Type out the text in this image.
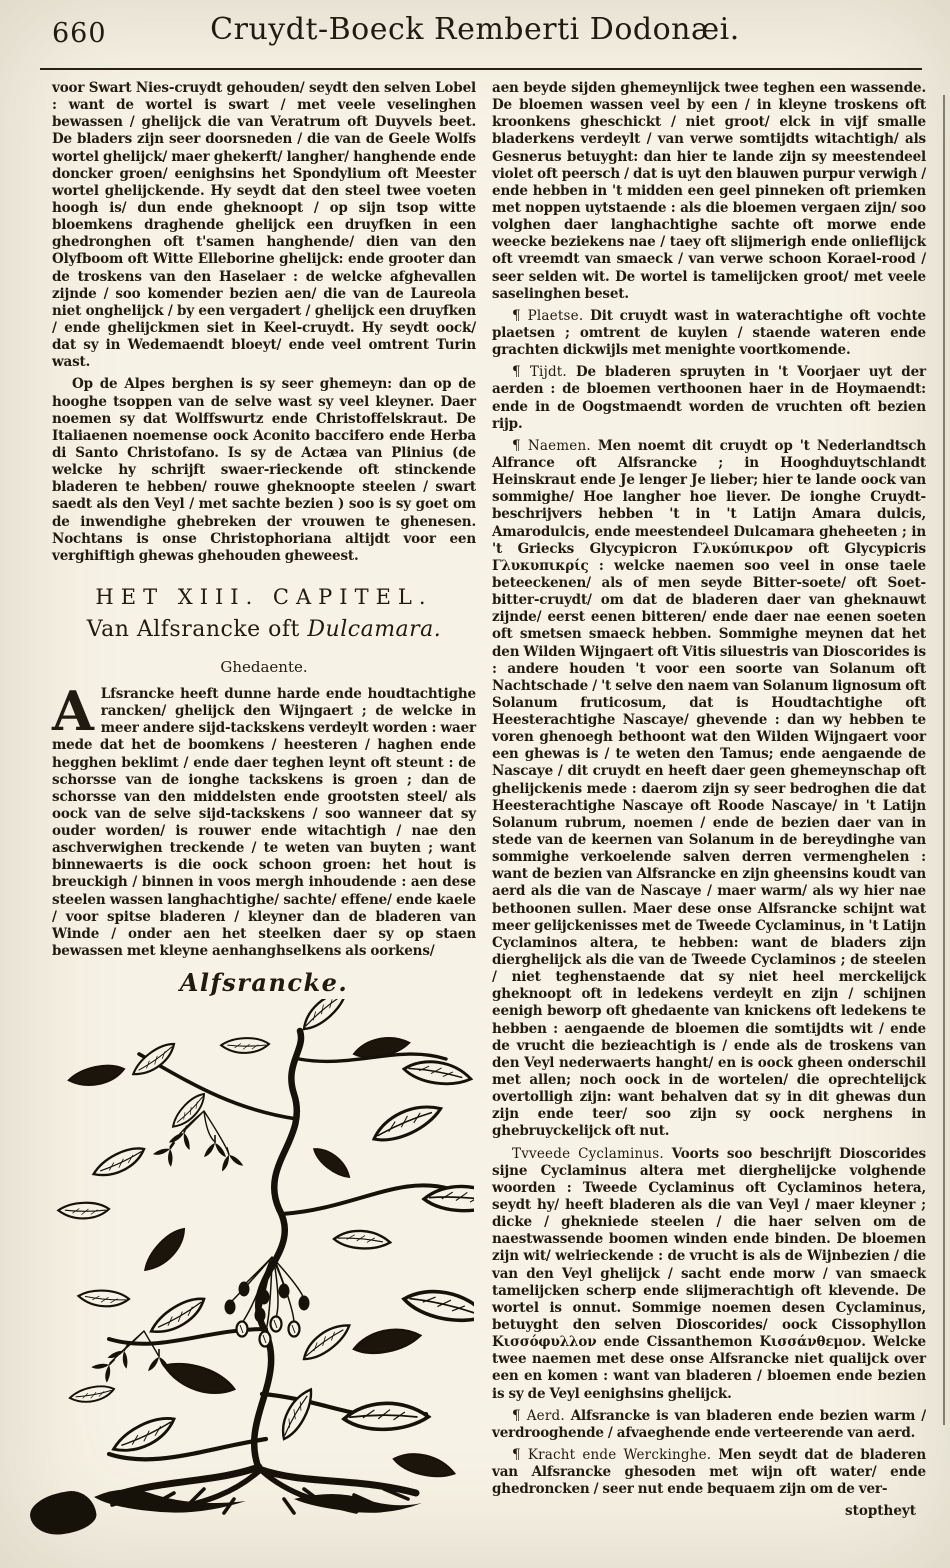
660	Cruydt-Boeck Remberti Dodonæi.

voor Swart Nies-cruydt gehouden/ seydt den selven Lobel : want de wortel is swart / met veele veselinghen bewassen / ghelijck die van Veratrum oft Duyvels beet. De bladers zijn seer doorsneden / die van de Geele Wolfs wortel ghelijck/ maer ghekerft/ langher/ hanghende ende doncker groen/ eenighsins het Spondylium oft Meester wortel ghelijckende. Hy seydt dat den steel twee voeten hoogh is/ dun ende gheknoopt / op sijn tsop witte bloemkens draghende ghelijck een druyfken in een ghedronghen oft t'samen hanghende/ dien van den Olyfboom oft Witte Elleborine ghelijck: ende grooter dan de troskens van den Haselaer : de welcke afghevallen zijnde / soo komender bezien aen/ die van de Laureola niet onghelijck / by een vergadert / ghelijck een druyfken / ende ghelijckmen siet in Keel-cruydt. Hy seydt oock/ dat sy in Wedemaendt bloeyt/ ende veel omtrent Turin wast.

Op de Alpes berghen is sy seer ghemeyn: dan op de hooghe tsoppen van de selve wast sy veel kleyner. Daer noemen sy dat Wolffswurtz ende Christoffelskraut. De Italiaenen noemense oock Aconito baccifero ende Herba di Santo Christofano. Is sy de Actæa van Plinius (de welcke hy schrijft swaer-rieckende oft stinckende bladeren te hebben/ rouwe gheknoopte steelen / swart saedt als den Veyl / met sachte bezien ) soo is sy goet om de inwendighe ghebreken der vrouwen te ghenesen. Nochtans is onse Christophoriana altijdt voor een verghiftigh ghewas ghehouden gheweest.

HET XIII. CAPITEL.
Van Alfsrancke oft Dulcamara.
Ghedaente.

A Lfsrancke heeft dunne harde ende houdtachtighe rancken/ ghelijck den Wijngaert ; de welcke in meer andere sijd-tackskens verdeylt worden : waer mede dat het de boomkens / heesteren / haghen ende hegghen beklimt / ende daer teghen leynt oft steunt : de schorsse van de ionghe tackskens is groen ; dan de schorsse van den middelsten ende grootsten steel/ als oock van de selve sijd-tackskens / soo wanneer dat sy ouder worden/ is rouwer ende witachtigh / nae den aschverwighen treckende / te weten van buyten ; want binnewaerts is die oock schoon groen: het hout is breuckigh / binnen in voos mergh inhoudende : aen dese steelen wassen langhachtighe/ sachte/ effene/ ende kaele / voor spitse bladeren / kleyner dan de bladeren van Winde / onder aen het steelken daer sy op staen bewassen met kleyne aenhanghselkens als oorkens/

Alfsrancke.

aen beyde sijden ghemeynlijck twee teghen een wassende. De bloemen wassen veel by een / in kleyne troskens oft kroonkens gheschickt / niet groot/ elck in vijf smalle bladerkens verdeylt / van verwe somtijdts witachtigh/ als Gesnerus betuyght: dan hier te lande zijn sy meestendeel violet oft peersch / dat is uyt den blauwen purpur verwigh / ende hebben in 't midden een geel pinneken oft priemken met noppen uytstaende : als die bloemen vergaen zijn/ soo volghen daer langhachtighe sachte oft morwe ende weecke beziekens nae / taey oft slijmerigh ende onlieflijck oft vreemdt van smaeck / van verwe schoon Korael-rood / seer selden wit. De wortel is tamelijcken groot/ met veele saselinghen beset.

¶ Plaetse. Dit cruydt wast in waterachtighe oft vochte plaetsen ; omtrent de kuylen / staende wateren ende grachten dickwijls met menighte voortkomende.

¶ Tijdt. De bladeren spruyten in 't Voorjaer uyt der aerden : de bloemen verthoonen haer in de Hoymaendt: ende in de Oogstmaendt worden de vruchten oft bezien rijp.

¶ Naemen. Men noemt dit cruydt op 't Nederlandtsch Alfrance oft Alfsrancke ; in Hooghduytschlandt Heinskraut ende Je lenger Je lieber; hier te lande oock van sommighe/ Hoe langher hoe liever. De ionghe Cruydt-beschrijvers hebben 't in 't Latijn Amara dulcis, Amarodulcis, ende meestendeel Dulcamara gheheeten ; in 't Griecks Glycypicron Γλυκύπικρον oft Glycypicris Γλυκυπικρίς : welcke naemen soo veel in onse taele beteeckenen/ als of men seyde Bitter-soete/ oft Soet-bitter-cruydt/ om dat de bladeren daer van gheknauwt zijnde/ eerst eenen bitteren/ ende daer nae eenen soeten oft smetsen smaeck hebben. Sommighe meynen dat het den Wilden Wijngaert oft Vitis siluestris van Dioscorides is : andere houden 't voor een soorte van Solanum oft Nachtschade / 't selve den naem van Solanum lignosum oft Solanum fruticosum, dat is Houdtachtighe oft Heesterachtighe Nascaye/ ghevende : dan wy hebben te voren ghenoegh bethoont wat den Wilden Wijngaert voor een ghewas is / te weten den Tamus; ende aengaende de Nascaye / dit cruydt en heeft daer geen ghemeynschap oft ghelijckenis mede : daerom zijn sy seer bedroghen die dat Heesterachtighe Nascaye oft Roode Nascaye/ in 't Latijn Solanum rubrum, noemen / ende de bezien daer van in stede van de keernen van Solanum in de bereydinghe van sommighe verkoelende salven derren vermenghelen : want de bezien van Alfsrancke en zijn gheensins koudt van aerd als die van de Nascaye / maer warm/ als wy hier nae bethoonen sullen. Maer dese onse Alfsrancke schijnt wat meer gelijckenisses met de Tweede Cyclaminus, in 't Latijn Cyclaminos altera, te hebben: want de bladers zijn dierghelijck als die van de Tweede Cyclaminos ; de steelen / niet teghenstaende dat sy niet heel merckelijck gheknoopt oft in ledekens verdeylt en zijn / schijnen eenigh beworp oft ghedaente van knickens oft ledekens te hebben : aengaende de bloemen die somtijdts wit / ende de vrucht die bezieachtigh is / ende als de troskens van den Veyl nederwaerts hanght/ en is oock gheen onderschil met allen; noch oock in de wortelen/ die oprechtelijck overtolligh zijn: want behalven dat sy in dit ghewas dun zijn ende teer/ soo zijn sy oock nerghens in ghebruyckelijck oft nut.

Tvveede Cyclaminus. Voorts soo beschrijft Dioscorides sijne Cyclaminus altera met dierghelijcke volghende woorden : Tweede Cyclaminus oft Cyclaminos hetera, seydt hy/ heeft bladeren als die van Veyl / maer kleyner ; dicke / ghekniede steelen / die haer selven om de naestwassende boomen winden ende binden. De bloemen zijn wit/ welrieckende : de vrucht is als de Wijnbezien / die van den Veyl ghelijck / sacht ende morw / van smaeck tamelijcken scherp ende slijmerachtigh oft klevende. De wortel is onnut. Sommige noemen desen Cyclaminus, betuyght den selven Dioscorides/ oock Cissophyllon Κισσόφυλλον ende Cissanthemon Κισσάνθεμον. Welcke twee naemen met dese onse Alfsrancke niet qualijck over een en komen : want van bladeren / bloemen ende bezien is sy de Veyl eenighsins ghelijck.

¶ Aerd. Alfsrancke is van bladeren ende bezien warm / verdrooghende / afvaeghende ende verteerende van aerd.

¶ Kracht ende Werckinghe. Men seydt dat de bladeren van Alfsrancke ghesoden met wijn oft water/ ende ghedroncken / seer nut ende bequaem zijn om de ver-

stoptheyt
